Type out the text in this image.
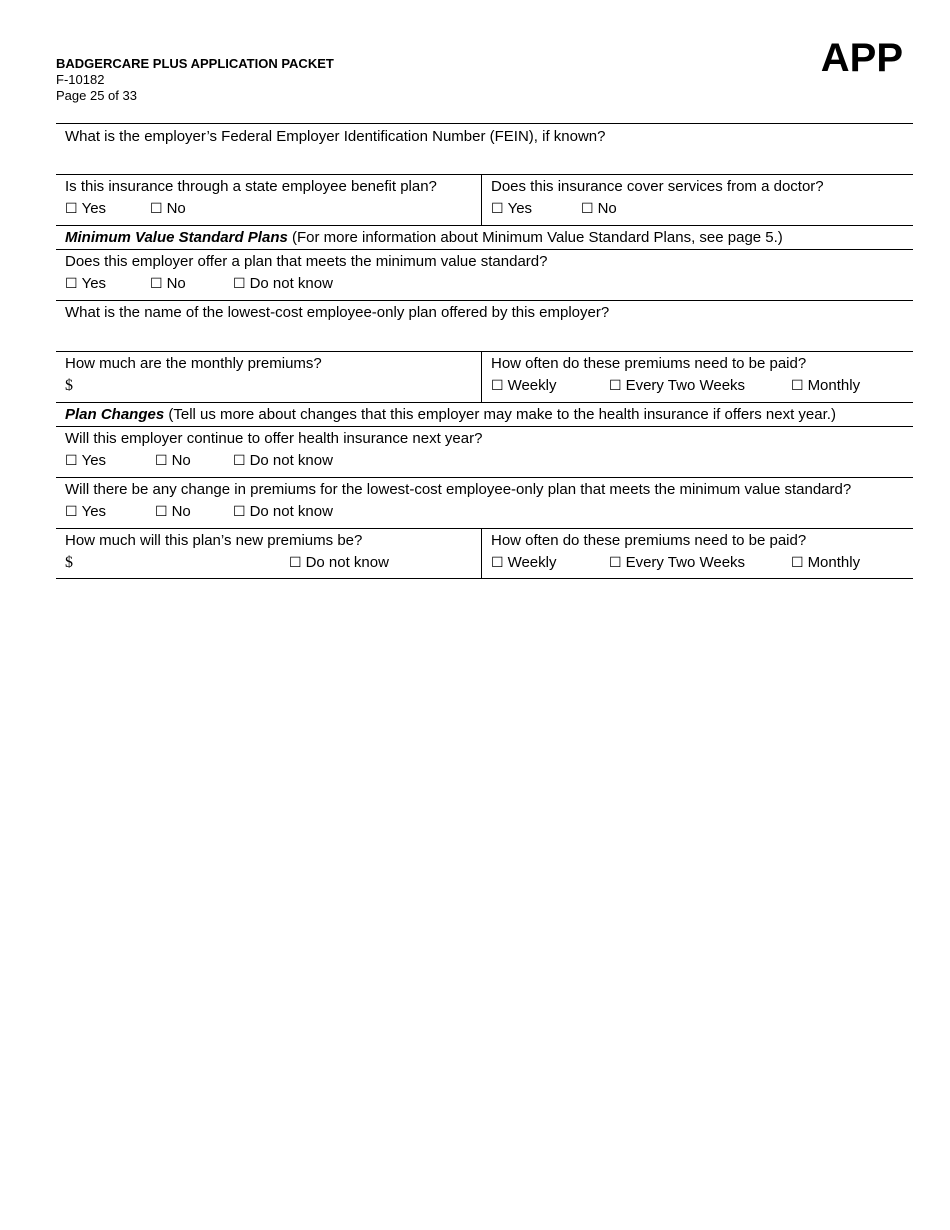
BADGERCARE PLUS APPLICATION PACKET
F-10182
Page 25 of 33
APP
What is the employer’s Federal Employer Identification Number (FEIN), if known?
Is this insurance through a state employee benefit plan?
☐ Yes	☐ No
Does this insurance cover services from a doctor?
☐ Yes	☐ No
Minimum Value Standard Plans (For more information about Minimum Value Standard Plans, see page 5.)
Does this employer offer a plan that meets the minimum value standard?
☐ Yes	☐ No	☐ Do not know
What is the name of the lowest-cost employee-only plan offered by this employer?
How much are the monthly premiums?
$
How often do these premiums need to be paid?
☐ Weekly	☐ Every Two Weeks	☐ Monthly
Plan Changes (Tell us more about changes that this employer may make to the health insurance if offers next year.)
Will this employer continue to offer health insurance next year?
☐ Yes	☐ No	☐ Do not know
Will there be any change in premiums for the lowest-cost employee-only plan that meets the minimum value standard?
☐ Yes	☐ No	☐ Do not know
How much will this plan’s new premiums be?
$	☐ Do not know
How often do these premiums need to be paid?
☐ Weekly	☐ Every Two Weeks	☐ Monthly
